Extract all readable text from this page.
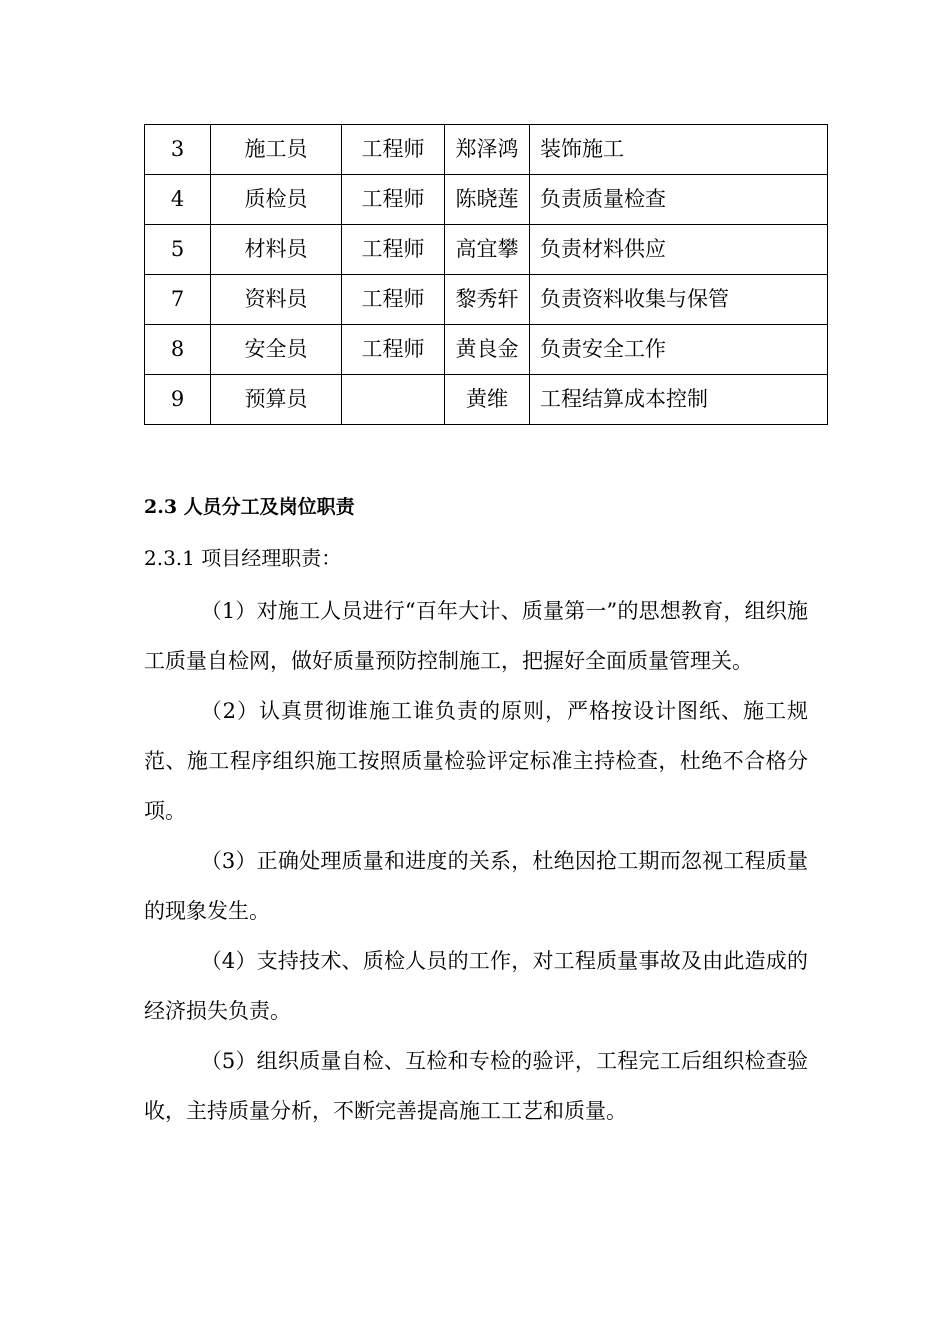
3	施工员	工程师	郑泽鸿	装饰施工
4	质检员	工程师	陈晓莲	负责质量检查
5	材料员	工程师	高宜攀	负责材料供应
7	资料员	工程师	黎秀轩	负责资料收集与保管
8	安全员	工程师	黄良金	负责安全工作
9	预算员		黄维	工程结算成本控制
2.3 人员分工及岗位职责
2.3.1 项目经理职责：

（1）对施工人员进行“百年大计、质量第一”的思想教育，组织施工质量自检网，做好质量预防控制施工，把握好全面质量管理关。

（2）认真贯彻谁施工谁负责的原则，严格按设计图纸、施工规范、施工程序组织施工按照质量检验评定标准主持检查，杜绝不合格分项。

（3）正确处理质量和进度的关系，杜绝因抢工期而忽视工程质量的现象发生。

（4）支持技术、质检人员的工作，对工程质量事故及由此造成的经济损失负责。

（5）组织质量自检、互检和专检的验评，工程完工后组织检查验收，主持质量分析，不断完善提高施工工艺和质量。
